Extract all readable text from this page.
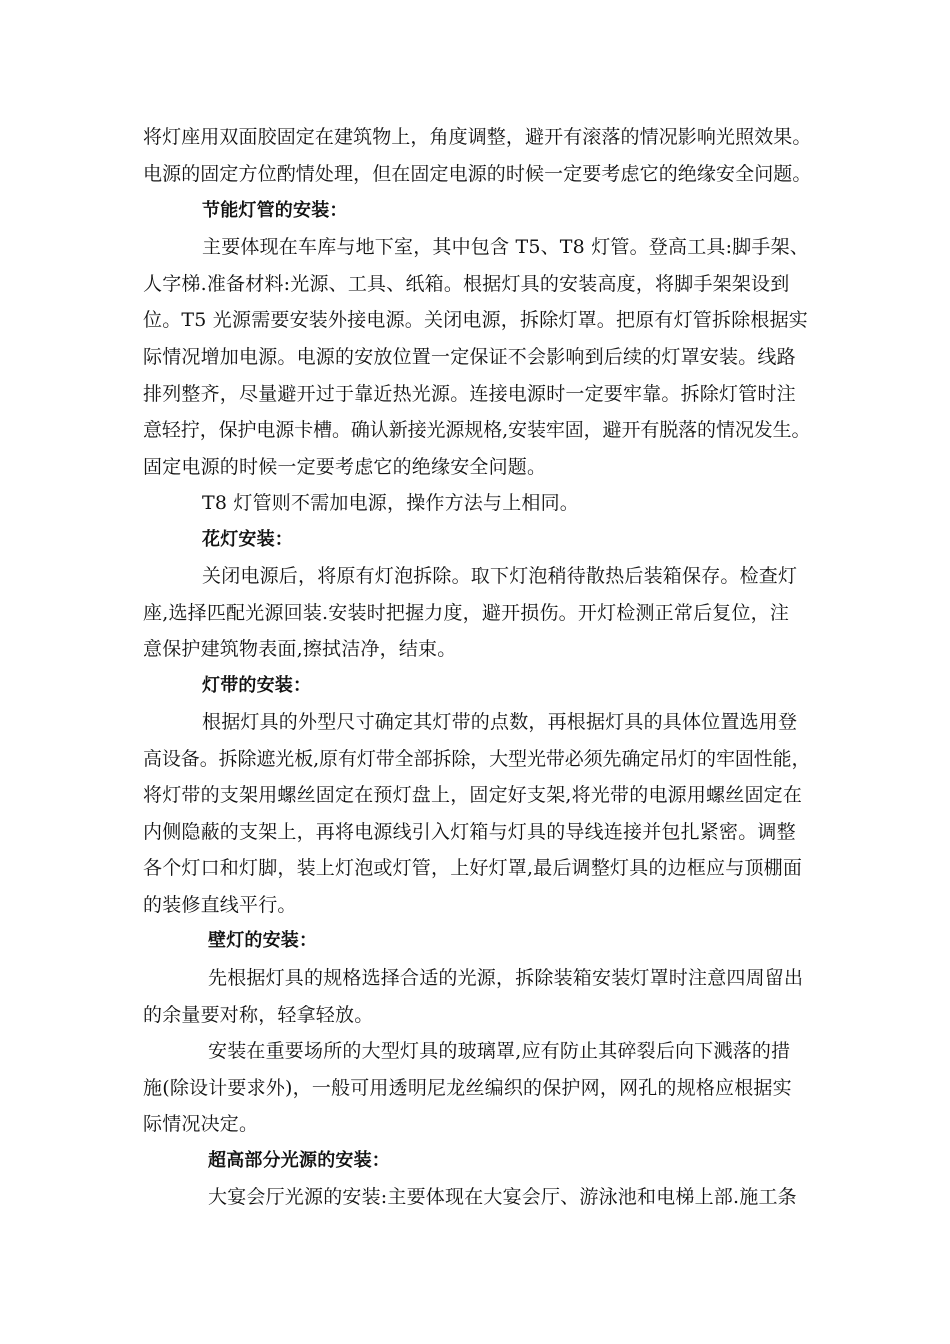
将灯座用双面胶固定在建筑物上，角度调整，避开有滚落的情况影响光照效果。
电源的固定方位酌情处理，但在固定电源的时候一定要考虑它的绝缘安全问题。
节能灯管的安装：
主要体现在车库与地下室，其中包含 T5、T8 灯管。登高工具:脚手架、
人字梯.准备材料:光源、工具、纸箱。根据灯具的安装高度，将脚手架架设到
位。T5 光源需要安装外接电源。关闭电源，拆除灯罩。把原有灯管拆除根据实
际情况增加电源。电源的安放位置一定保证不会影响到后续的灯罩安装。线路
排列整齐，尽量避开过于靠近热光源。连接电源时一定要牢靠。拆除灯管时注
意轻拧，保护电源卡槽。确认新接光源规格,安装牢固，避开有脱落的情况发生。
固定电源的时候一定要考虑它的绝缘安全问题。
T8 灯管则不需加电源，操作方法与上相同。
花灯安装：
关闭电源后，将原有灯泡拆除。取下灯泡稍待散热后装箱保存。检查灯
座,选择匹配光源回装.安装时把握力度，避开损伤。开灯检测正常后复位，注
意保护建筑物表面,擦拭洁净，结束。
灯带的安装：
根据灯具的外型尺寸确定其灯带的点数，再根据灯具的具体位置选用登
高设备。拆除遮光板,原有灯带全部拆除，大型光带必须先确定吊灯的牢固性能，
将灯带的支架用螺丝固定在预灯盘上，固定好支架,将光带的电源用螺丝固定在
内侧隐蔽的支架上，再将电源线引入灯箱与灯具的导线连接并包扎紧密。调整
各个灯口和灯脚，装上灯泡或灯管，上好灯罩,最后调整灯具的边框应与顶棚面
的装修直线平行。
壁灯的安装：
先根据灯具的规格选择合适的光源，拆除装箱安装灯罩时注意四周留出
的余量要对称，轻拿轻放。
安装在重要场所的大型灯具的玻璃罩,应有防止其碎裂后向下溅落的措
施(除设计要求外)，一般可用透明尼龙丝编织的保护网，网孔的规格应根据实
际情况决定。
超高部分光源的安装：
大宴会厅光源的安装:主要体现在大宴会厅、游泳池和电梯上部.施工条
